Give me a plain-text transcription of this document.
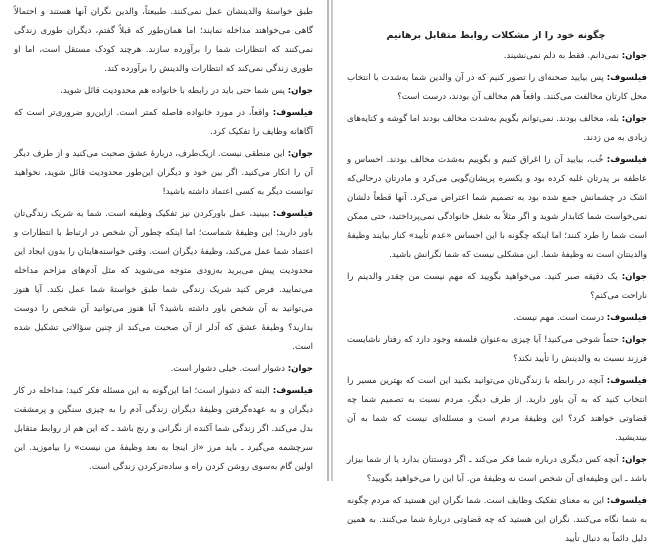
طبق خواستهٔ والدینشان عمل نمی‌کنند. طبیعتاً، والدین نگران آنها هستند و احتمالاً گاهی می‌خواهند مداخله نمایند؛ اما همان‌طور که قبلاً گفتم، دیگران طوری زندگی نمی‌کنند که انتظارات شما را برآورده سازند. هرچند کودک مستقل است، اما او طوری زندگی نمی‌کند که انتظارات والدینش را برآورده کند.

جوان: پس شما حتی باید در رابطه با خانواده هم محدودیت قائل شوید.

فیلسوف: واقعاً، در مورد خانواده فاصله کمتر است. ازاین‌رو ضروری‌تر است که آگاهانه وظایف را تفکیک کرد.

جوان: این منطقی نیست. ازیک‌طرف، دربارهٔ عشق صحبت می‌کنید و از طرف دیگر آن را انکار می‌کنید. اگر بین خود و دیگران این‌طور محدودیت قائل شوید، نخواهید توانست دیگر به کسی اعتماد داشته باشید!

فیلسوف: ببینید، عمل باورکردن نیز تفکیک وظیفه است. شما به شریک زندگی‌تان باور دارید؛ این وظیفهٔ شماست؛ اما اینکه چطور آن شخص در ارتباط با انتظارات و اعتماد شما عمل می‌کند، وظیفهٔ دیگران است. وقتی خواسته‌هایتان را بدون ایجاد این محدودیت پیش می‌برید به‌زودی متوجه می‌شوید که مثل آدم‌های مزاحم مداخله می‌نمایید. فرض کنید شریک زندگی شما طبق خواستهٔ شما عمل نکند. آیا هنوز می‌توانید به آن شخص باور داشته باشید؟ آیا هنوز می‌توانید آن شخص را دوست بدارید؟ وظیفهٔ عشق که آدلر از آن صحبت می‌کند از چنین سؤالاتی تشکیل شده است.

جوان: دشوار است. خیلی دشوار است.

فیلسوف: البته که دشوار است؛ اما این‌گونه به این مسئله فکر کنید: مداخله در کار دیگران و به عهده‌گرفتن وظیفهٔ دیگران زندگی آدم را به چیزی سنگین و پرمشقت بدل می‌کند. اگر زندگی شما آکنده از نگرانی و رنج باشد ـ که این هم از روابط متقابل سرچشمه می‌گیرد ـ باید مرز «از اینجا به بعد وظیفهٔ من نیست» را بیاموزید. این اولین گام به‌سوی روشن کردن راه و ساده‌ترکردن زندگی است.

چگونه خود را از مشکلات روابط متقابل برهانیم

جوان: نمی‌دانم. فقط به دلم نمی‌نشیند.

فیلسوف: پس بیایید صحنه‌ای را تصور کنیم که در آن والدین شما به‌شدت با انتخاب محل کارتان مخالفت می‌کنند. واقعاً هم مخالف آن بودند، درست است؟

جوان: بله، مخالف بودند. نمی‌توانم بگویم به‌شدت مخالف بودند اما گوشه و کنایه‌های زیادی به من زدند.

فیلسوف: خُب، بیایید آن را اغراق کنیم و بگوییم به‌شدت مخالف بودند. احساس و عاطفه بر پدرتان غلبه کرده بود و یکسره پریشان‌گویی می‌کرد و مادرتان درحالی‌که اشک در چشمانش جمع شده بود به تصمیم شما اعتراض می‌کرد. آنها قطعاً دلشان نمی‌خواست شما کتابدار شوید و اگر مثلاً به شغل خانوادگی نمی‌پرداختید، حتی ممکن است شما را طرد کنند؛ اما اینکه چگونه با این احساس «عدم تأیید» کنار بیایند وظیفهٔ والدینتان است نه وظیفهٔ شما. این مشکلی نیست که شما نگرانش باشید.

جوان: یک دقیقه صبر کنید. می‌خواهید بگویید که مهم نیست من چقدر والدینم را ناراحت می‌کنم؟

فیلسوف: درست است. مهم نیست.

جوان: حتماً شوخی می‌کنید! آیا چیزی به‌عنوان فلسفه وجود دارد که رفتار ناشایست فرزند نسبت به والدینش را تأیید نکند؟

فیلسوف: آنچه در رابطه با زندگی‌تان می‌توانید بکنید این است که بهترین مسیر را انتخاب کنید که به آن باور دارید. از طرف دیگر، مردم نسبت به تصمیم شما چه قضاوتی خواهند کرد؟ این وظیفهٔ مردم است و مسئله‌ای نیست که شما به آن بیندیشید.

جوان: آنچه کس دیگری درباره شما فکر می‌کند ـ اگر دوستتان بدارد یا از شما بیزار باشد ـ این وظیفه‌ای آن شخص است نه وظیفهٔ من. آیا این را می‌خواهید بگویید؟

فیلسوف: این به معنای تفکیک وظایف است. شما نگران این هستید که مردم چگونه به شما نگاه می‌کنند. نگران این هستید که چه قضاوتی دربارهٔ شما می‌کنند. به همین دلیل دائماً به دنبال تأیید
